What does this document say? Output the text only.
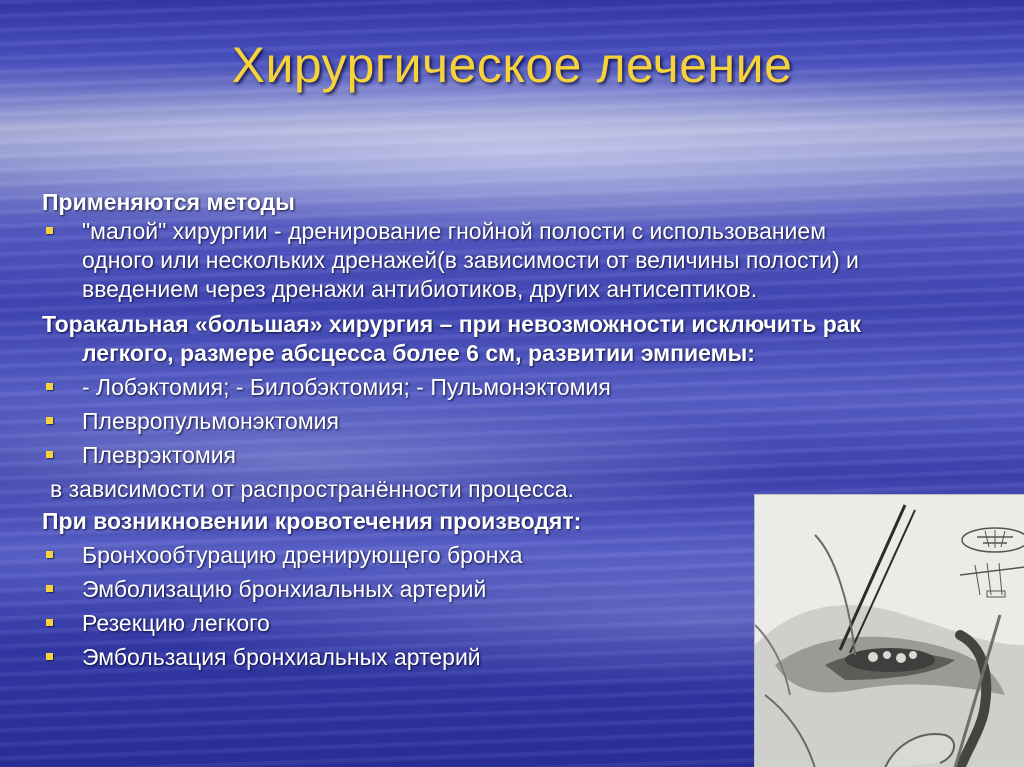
Хирургическое лечение
Применяются методы
"малой" хирургии - дренирование гнойной полости с использованием одного или нескольких дренажей(в зависимости от величины полости) и введением через дренажи антибиотиков, других антисептиков.
Торакальная «большая» хирургия – при невозможности исключить рак легкого, размере абсцесса более 6 см, развитии эмпиемы:
- Лобэктомия; - Билобэктомия; - Пульмонэктомия
Плевропульмонэктомия
Плеврэктомия
в зависимости от распространённости процесса.
При возникновении кровотечения производят:
Бронхообтурацию дренирующего бронха
Эмболизацию бронхиальных артерий
Резекцию легкого
Эмбользация бронхиальных артерий
